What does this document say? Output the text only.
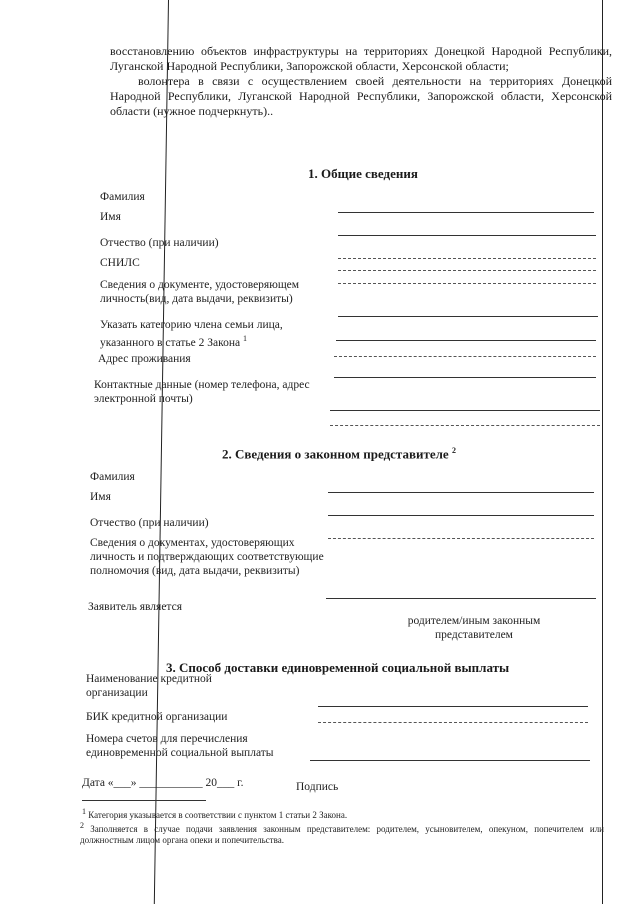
восстановлению объектов инфраструктуры на территориях Донецкой Народной Республики, Луганской Народной Республики, Запорожской области, Херсонской области;

волонтера в связи с осуществлением своей деятельности на территориях Донецкой Народной Республики, Луганской Народной Республики, Запорожской области, Херсонской области (нужное подчеркнуть)..

1. Общие сведения
Фамилия
Имя
Отчество (при наличии)
СНИЛС
Сведения о документе, удостоверяющем личность(вид, дата выдачи, реквизиты)
Указать категорию члена семьи лица, указанного в статье 2 Закона $^1$
Адрес проживания
Контактные данные (номер телефона, адрес электронной почты)
2. Сведения о законном представителе $^2$
Фамилия
Имя
Отчество (при наличии)
Сведения о документах, удостоверяющих личность и подтверждающих соответствующие полномочия (вид, дата выдачи, реквизиты)
Заявитель является
родителем/иным законным представителем
3. Способ доставки единовременной социальной выплаты
Наименование кредитной организации
БИК кредитной организации
Номера счетов для перечисления единовременной социальной выплаты
Дата «___» ___________ 20___ г.	Подпись
1 Категория указывается в соответствии с пунктом 1 статьи 2 Закона.
2 Заполняется в случае подачи заявления законным представителем: родителем, усыновителем, опекуном, попечителем или должностным лицом органа опеки и попечительства.
